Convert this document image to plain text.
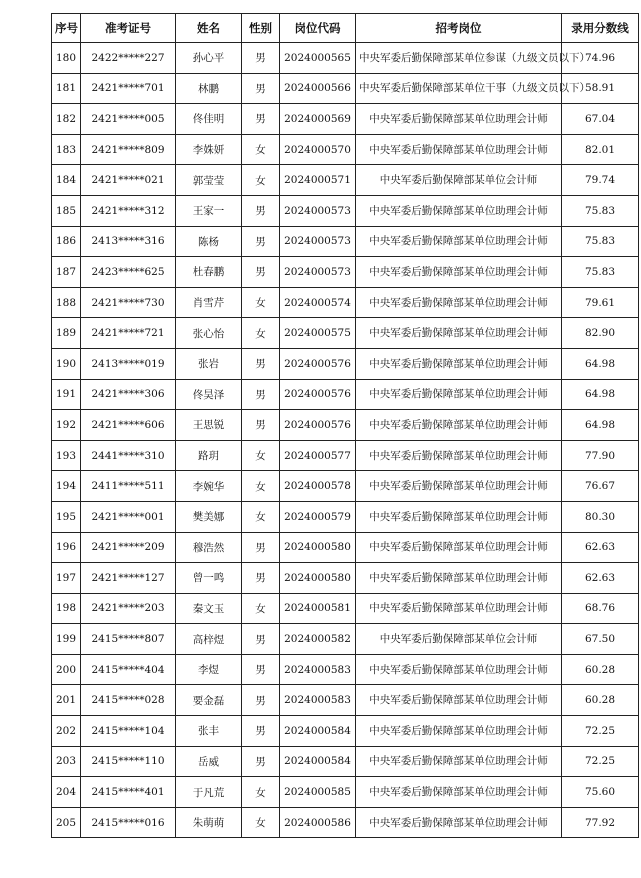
序号	准考证号	姓名	性别	岗位代码	招考岗位	录用分数线
180	2422*****227	孙心平	男	2024000565	中央军委后勤保障部某单位参谋（九级文员以下）	74.96
181	2421*****701	林鹏	男	2024000566	中央军委后勤保障部某单位干事（九级文员以下）	58.91
182	2421*****005	佟佳明	男	2024000569	中央军委后勤保障部某单位助理会计师	67.04
183	2421*****809	李姝妍	女	2024000570	中央军委后勤保障部某单位助理会计师	82.01
184	2421*****021	郭莹莹	女	2024000571	中央军委后勤保障部某单位会计师	79.74
185	2421*****312	王家一	男	2024000573	中央军委后勤保障部某单位助理会计师	75.83
186	2413*****316	陈杨	男	2024000573	中央军委后勤保障部某单位助理会计师	75.83
187	2423*****625	杜春鹏	男	2024000573	中央军委后勤保障部某单位助理会计师	75.83
188	2421*****730	肖雪芹	女	2024000574	中央军委后勤保障部某单位助理会计师	79.61
189	2421*****721	张心怡	女	2024000575	中央军委后勤保障部某单位助理会计师	82.90
190	2413*****019	张岩	男	2024000576	中央军委后勤保障部某单位助理会计师	64.98
191	2421*****306	佟昊泽	男	2024000576	中央军委后勤保障部某单位助理会计师	64.98
192	2421*****606	王思锐	男	2024000576	中央军委后勤保障部某单位助理会计师	64.98
193	2441*****310	路玥	女	2024000577	中央军委后勤保障部某单位助理会计师	77.90
194	2411*****511	李婉华	女	2024000578	中央军委后勤保障部某单位助理会计师	76.67
195	2421*****001	樊美娜	女	2024000579	中央军委后勤保障部某单位助理会计师	80.30
196	2421*****209	穆浩然	男	2024000580	中央军委后勤保障部某单位助理会计师	62.63
197	2421*****127	曾一鸣	男	2024000580	中央军委后勤保障部某单位助理会计师	62.63
198	2421*****203	秦文玉	女	2024000581	中央军委后勤保障部某单位助理会计师	68.76
199	2415*****807	高梓煜	男	2024000582	中央军委后勤保障部某单位会计师	67.50
200	2415*****404	李煜	男	2024000583	中央军委后勤保障部某单位助理会计师	60.28
201	2415*****028	要金磊	男	2024000583	中央军委后勤保障部某单位助理会计师	60.28
202	2415*****104	张丰	男	2024000584	中央军委后勤保障部某单位助理会计师	72.25
203	2415*****110	岳威	男	2024000584	中央军委后勤保障部某单位助理会计师	72.25
204	2415*****401	于凡荒	女	2024000585	中央军委后勤保障部某单位助理会计师	75.60
205	2415*****016	朱萌萌	女	2024000586	中央军委后勤保障部某单位助理会计师	77.92
